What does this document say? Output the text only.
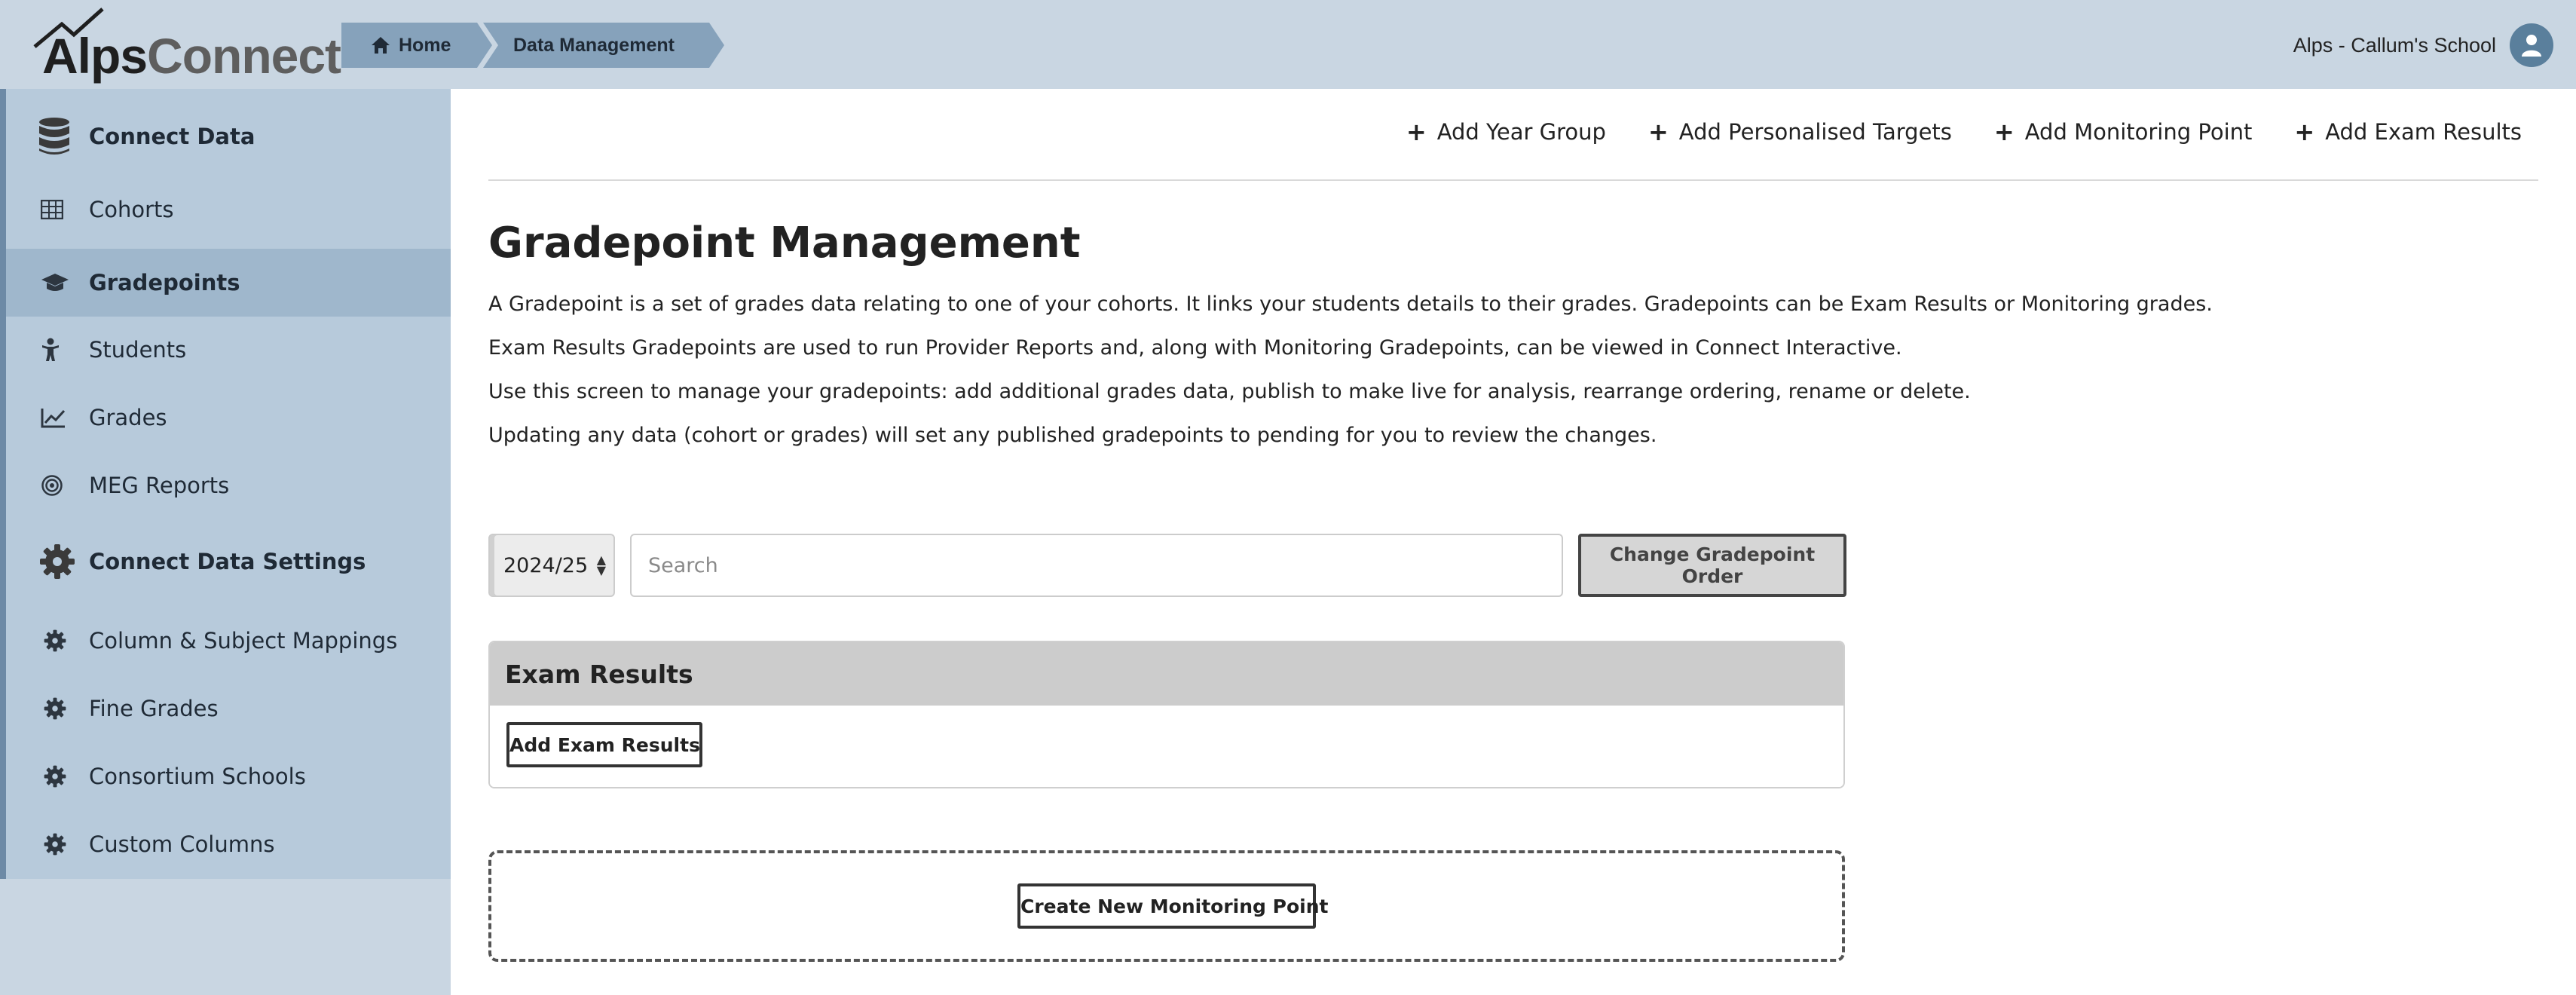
AlpsConnect	Home	Data Management	Alps - Callum's School
Connect Data
Cohorts
Gradepoints
Students
Grades
MEG Reports
Connect Data Settings
Column & Subject Mappings
Fine Grades
Consortium Schools
Custom Columns
+ Add Year Group + Add Personalised Targets + Add Monitoring Point + Add Exam Results
Gradepoint Management

A Gradepoint is a set of grades data relating to one of your cohorts. It links your students details to their grades. Gradepoints can be Exam Results or Monitoring grades.

Exam Results Gradepoints are used to run Provider Reports and, along with Monitoring Gradepoints, can be viewed in Connect Interactive.

Use this screen to manage your gradepoints: add additional grades data, publish to make live for analysis, rearrange ordering, rename or delete.

Updating any data (cohort or grades) will set any published gradepoints to pending for you to review the changes.

2024/25 ▲
▼
Search
Change Gradepoint Order
Exam Results
Add Exam Results
Create New Monitoring Point
